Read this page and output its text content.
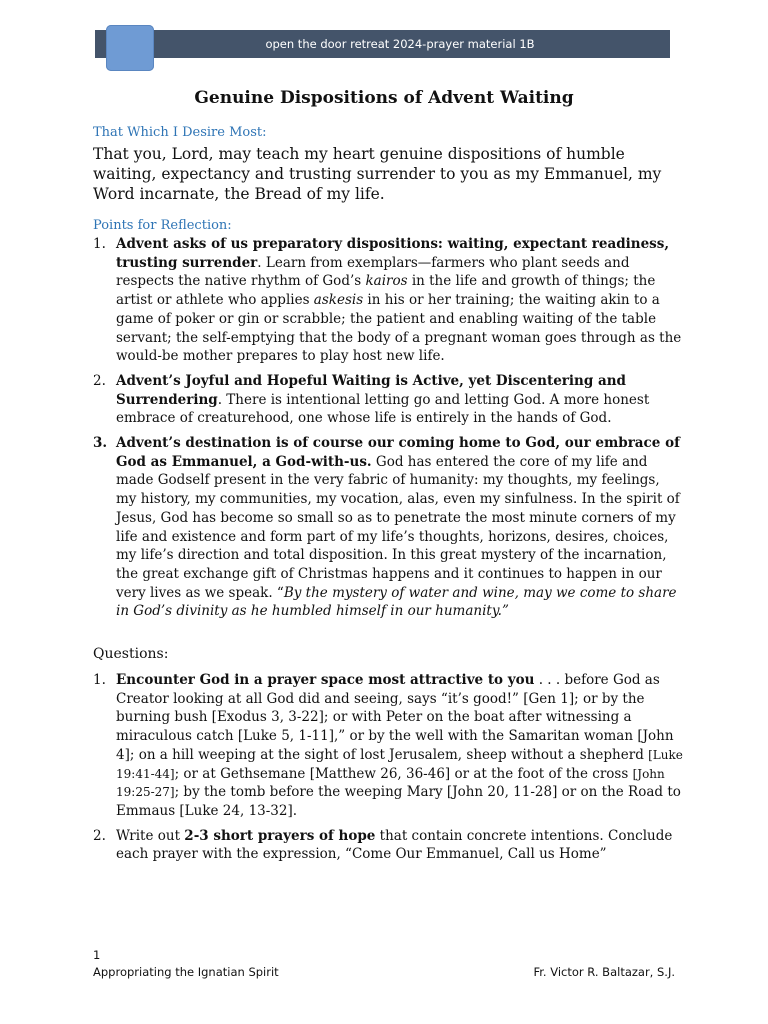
open the door retreat 2024-prayer material 1B
Genuine Dispositions of Advent Waiting
That Which I Desire Most:
That you, Lord, may teach my heart genuine dispositions of humble waiting, expectancy and trusting surrender to you as my Emmanuel, my Word incarnate, the Bread of my life.
Points for Reflection:
1. Advent asks of us preparatory dispositions: waiting, expectant readiness, trusting surrender. Learn from exemplars—farmers who plant seeds and respects the native rhythm of God’s kairos in the life and growth of things; the artist or athlete who applies askesis in his or her training; the waiting akin to a game of poker or gin or scrabble; the patient and enabling waiting of the table servant; the self-emptying that the body of a pregnant woman goes through as the would-be mother prepares to play host new life.
2. Advent’s Joyful and Hopeful Waiting is Active, yet Discentering and Surrendering. There is intentional letting go and letting God. A more honest embrace of creaturehood, one whose life is entirely in the hands of God.
3. Advent’s destination is of course our coming home to God, our embrace of God as Emmanuel, a God-with-us. God has entered the core of my life and made Godself present in the very fabric of humanity: my thoughts, my feelings, my history, my communities, my vocation, alas, even my sinfulness. In the spirit of Jesus, God has become so small so as to penetrate the most minute corners of my life and existence and form part of my life’s thoughts, horizons, desires, choices, my life’s direction and total disposition. In this great mystery of the incarnation, the great exchange gift of Christmas happens and it continues to happen in our very lives as we speak. “By the mystery of water and wine, may we come to share in God’s divinity as he humbled himself in our humanity.”
Questions:
1. Encounter God in a prayer space most attractive to you . . . before God as Creator looking at all God did and seeing, says “it’s good!” [Gen 1]; or by the burning bush [Exodus 3, 3-22]; or with Peter on the boat after witnessing a miraculous catch [Luke 5, 1-11],” or by the well with the Samaritan woman [John 4]; on a hill weeping at the sight of lost Jerusalem, sheep without a shepherd [Luke 19:41-44]; or at Gethsemane [Matthew 26, 36-46] or at the foot of the cross [John 19:25-27]; by the tomb before the weeping Mary [John 20, 11-28] or on the Road to Emmaus [Luke 24, 13-32].
2. Write out 2-3 short prayers of hope that contain concrete intentions. Conclude each prayer with the expression, “Come Our Emmanuel, Call us Home”
1
Appropriating the Ignatian Spirit	Fr. Victor R. Baltazar, S.J.
